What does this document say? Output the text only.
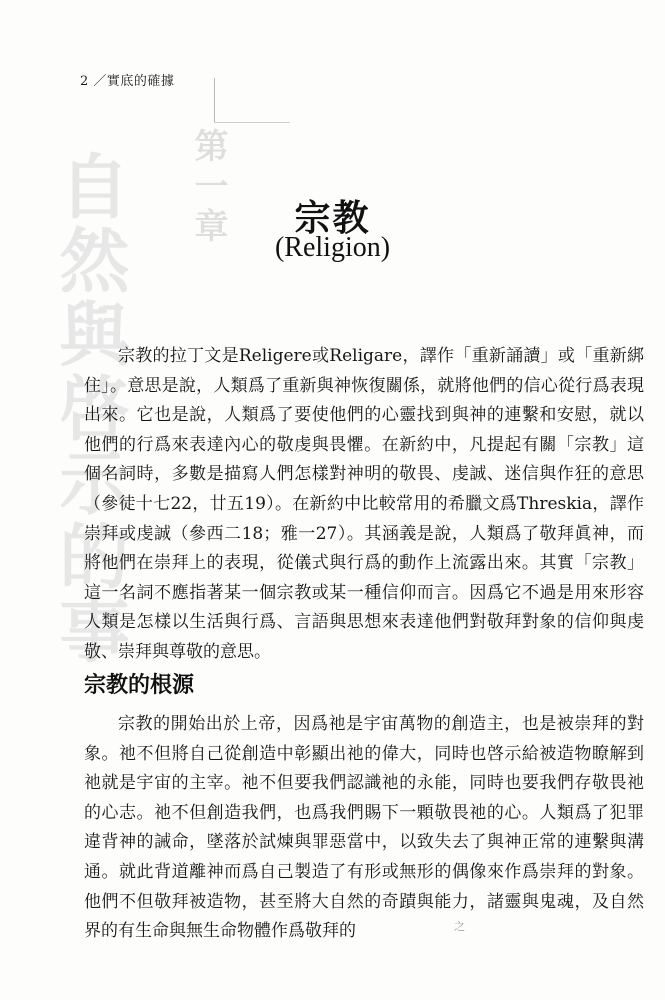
自然與啓示的事 第一章
2 ／實底的確據
宗教
(Religion)
宗教的拉丁文是Religere或Religare，譯作「重新誦讀」或「重新綁住」。意思是說，人類爲了重新與神恢復關係，就將他們的信心從行爲表現出來。它也是說，人類爲了要使他們的心靈找到與神的連繫和安慰，就以他們的行爲來表達內心的敬虔與畏懼。在新約中，凡提起有關「宗教」這個名詞時，多數是描寫人們怎樣對神明的敬畏、虔誠、迷信與作狂的意思（參徒十七22，廿五19）。在新約中比較常用的希臘文爲Threskia，譯作崇拜或虔誠（參西二18；雅一27）。其涵義是說，人類爲了敬拜眞神，而將他們在崇拜上的表現，從儀式與行爲的動作上流露出來。其實「宗教」這一名詞不應指著某一個宗教或某一種信仰而言。因爲它不過是用來形容人類是怎樣以生活與行爲、言語與思想來表達他們對敬拜對象的信仰與虔敬、崇拜與尊敬的意思。
宗教的根源
宗教的開始出於上帝，因爲祂是宇宙萬物的創造主，也是被崇拜的對象。祂不但將自己從創造中彰顯出祂的偉大，同時也啓示給被造物瞭解到祂就是宇宙的主宰。祂不但要我們認識祂的永能，同時也要我們存敬畏祂的心志。祂不但創造我們，也爲我們賜下一顆敬畏祂的心。人類爲了犯罪違背神的誡命，墜落於試煉與罪惡當中，以致失去了與神正常的連繫與溝通。就此背道離神而爲自己製造了有形或無形的偶像來作爲崇拜的對象。他們不但敬拜被造物，甚至將大自然的奇蹟與能力，諸靈與鬼魂，及自然界的有生命與無生命物體作爲敬拜的	之
